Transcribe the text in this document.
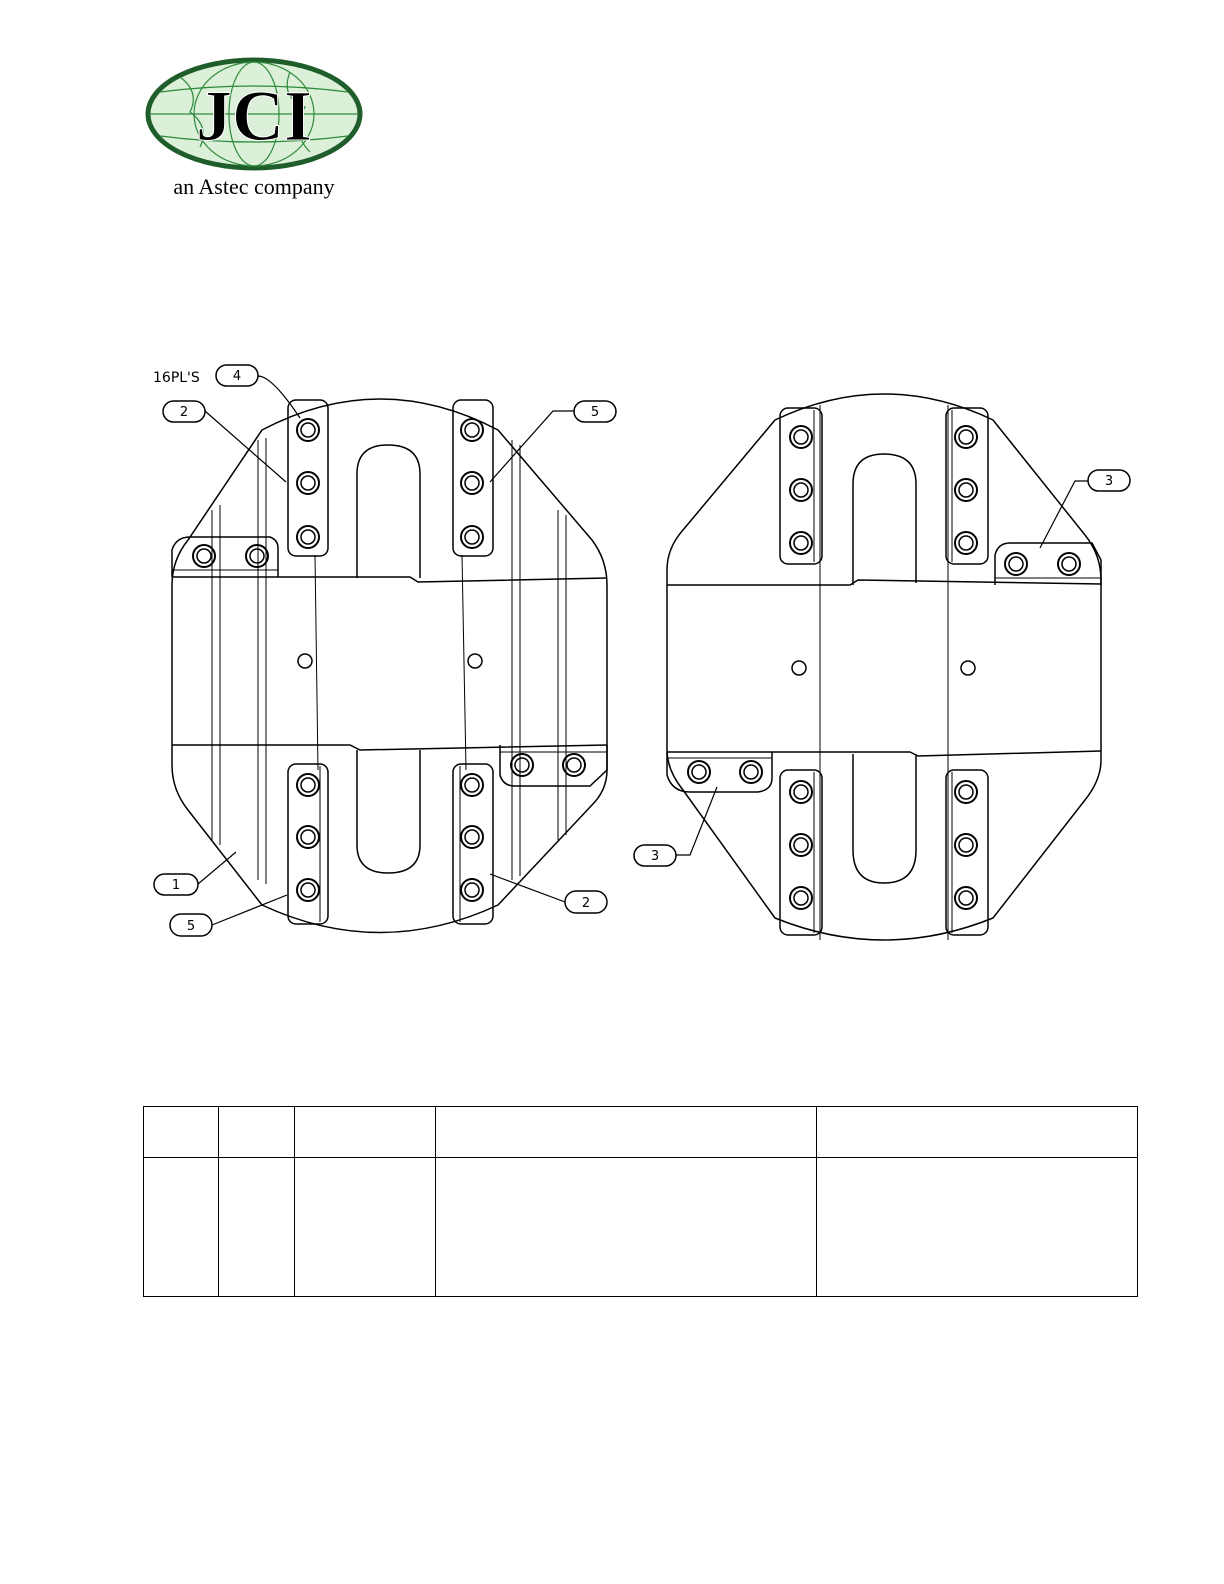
JCI
an Astec company
16PL'S	4
2	5
1
5
2
3
3
